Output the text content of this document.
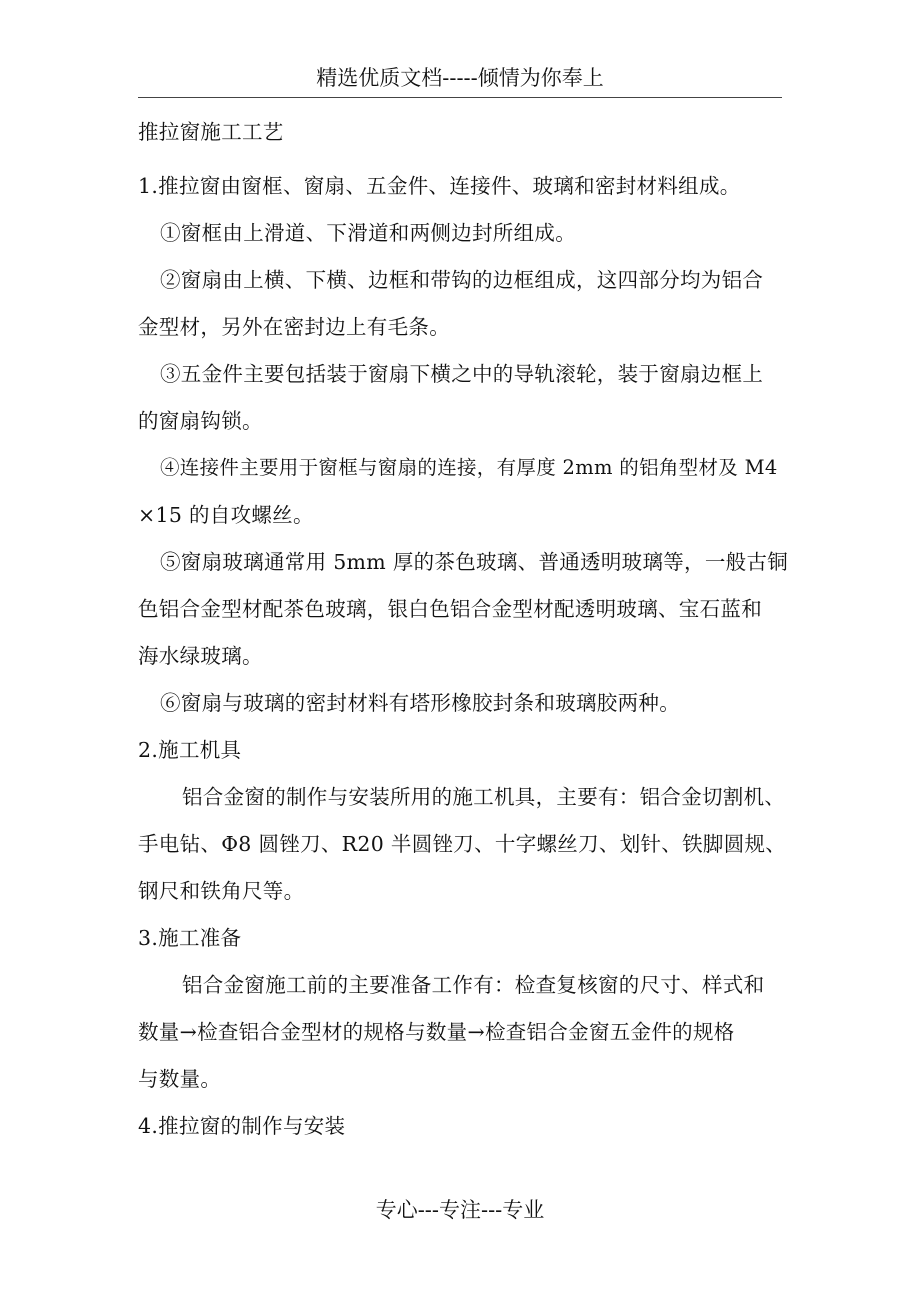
精选优质文档-----倾情为你奉上
推拉窗施工工艺
1.推拉窗由窗框、窗扇、五金件、连接件、玻璃和密封材料组成。
①窗框由上滑道、下滑道和两侧边封所组成。
②窗扇由上横、下横、边框和带钩的边框组成，这四部分均为铝合
金型材，另外在密封边上有毛条。
③五金件主要包括装于窗扇下横之中的导轨滚轮，装于窗扇边框上
的窗扇钩锁。
④连接件主要用于窗框与窗扇的连接，有厚度 2mm 的铝角型材及 M4
×15 的自攻螺丝。
⑤窗扇玻璃通常用 5mm 厚的茶色玻璃、普通透明玻璃等，一般古铜
色铝合金型材配茶色玻璃，银白色铝合金型材配透明玻璃、宝石蓝和
海水绿玻璃。
⑥窗扇与玻璃的密封材料有塔形橡胶封条和玻璃胶两种。
2.施工机具
铝合金窗的制作与安装所用的施工机具，主要有：铝合金切割机、
手电钻、Φ8 圆锉刀、R20 半圆锉刀、十字螺丝刀、划针、铁脚圆规、
钢尺和铁角尺等。
3.施工准备
铝合金窗施工前的主要准备工作有：检查复核窗的尺寸、样式和
数量→检查铝合金型材的规格与数量→检查铝合金窗五金件的规格
与数量。
4.推拉窗的制作与安装
专心---专注---专业
